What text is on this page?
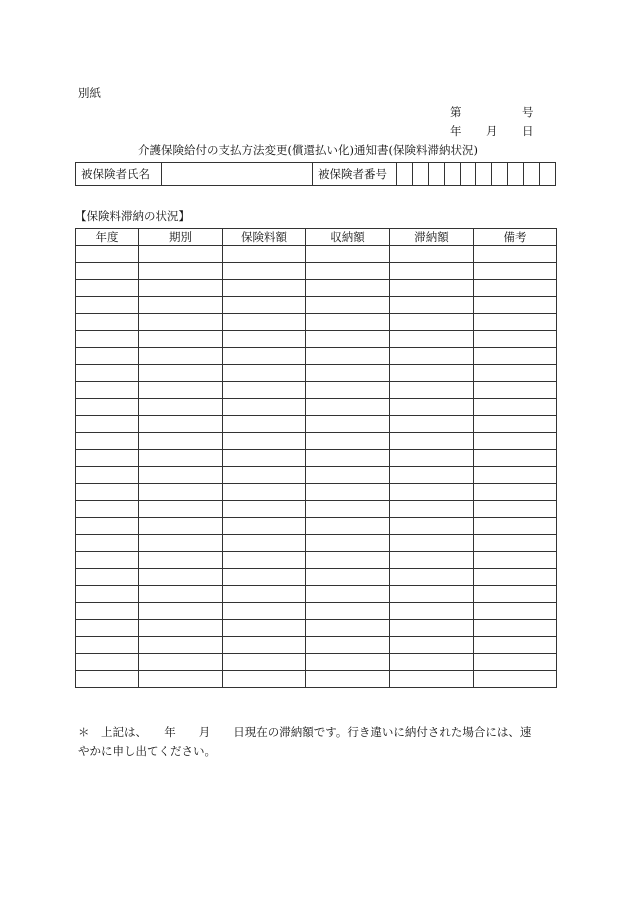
別紙
第	号
年 月 日
介護保険給付の支払方法変更(償還払い化)通知書(保険料滞納状況)
被保険者氏名		被保険者番号										
【保険料滞納の状況】
年度	期別	保険料額	収納額	滞納額	備考

＊　上記は、　　年　　月　　日現在の滞納額です。行き違いに納付された場合には、速
やかに申し出てください。
